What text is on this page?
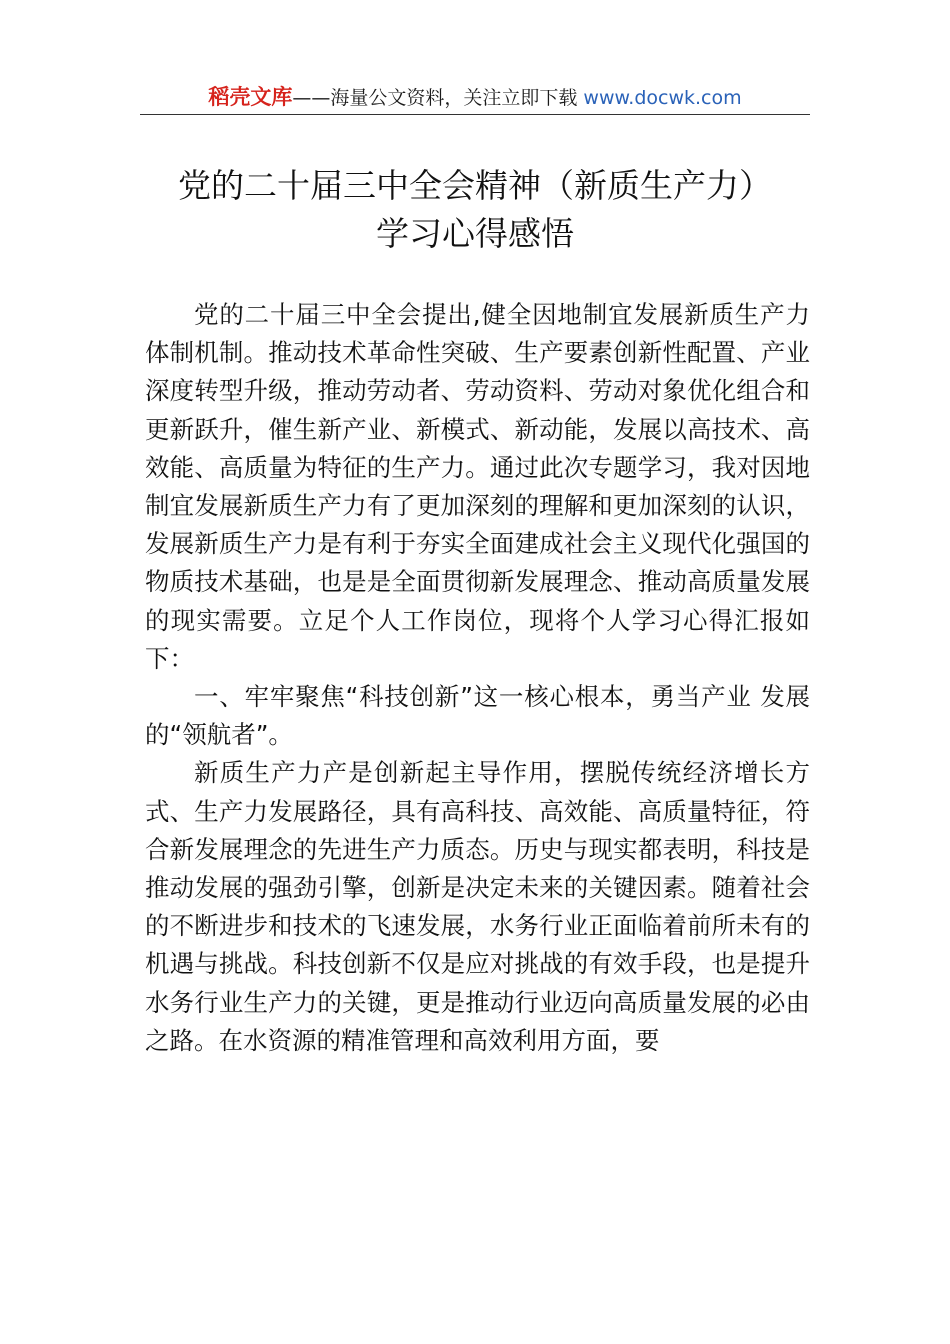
稻壳文库——海量公文资料，关注立即下载 www.docwk.com
党的二十届三中全会精神（新质生产力）
学习心得感悟

党的二十届三中全会提出,健全因地制宜发展新质生产力体制机制。推动技术革命性突破、生产要素创新性配置、产业深度转型升级，推动劳动者、劳动资料、劳动对象优化组合和更新跃升，催生新产业、新模式、新动能，发展以高技术、高效能、高质量为特征的生产力。通过此次专题学习，我对因地制宜发展新质生产力有了更加深刻的理解和更加深刻的认识，发展新质生产力是有利于夯实全面建成社会主义现代化强国的物质技术基础，也是是全面贯彻新发展理念、推动高质量发展的现实需要。立足个人工作岗位，现将个人学习心得汇报如下：

一、牢牢聚焦“科技创新”这一核心根本，勇当产业 发展的“领航者”。

新质生产力产是创新起主导作用，摆脱传统经济增长方式、生产力发展路径，具有高科技、高效能、高质量特征，符合新发展理念的先进生产力质态。历史与现实都表明，科技是推动发展的强劲引擎，创新是决定未来的关键因素。随着社会的不断进步和技术的飞速发展，水务行业正面临着前所未有的机遇与挑战。科技创新不仅是应对挑战的有效手段，也是提升水务行业生产力的关键，更是推动行业迈向高质量发展的必由之路。在水资源的精准管理和高效利用方面，要
